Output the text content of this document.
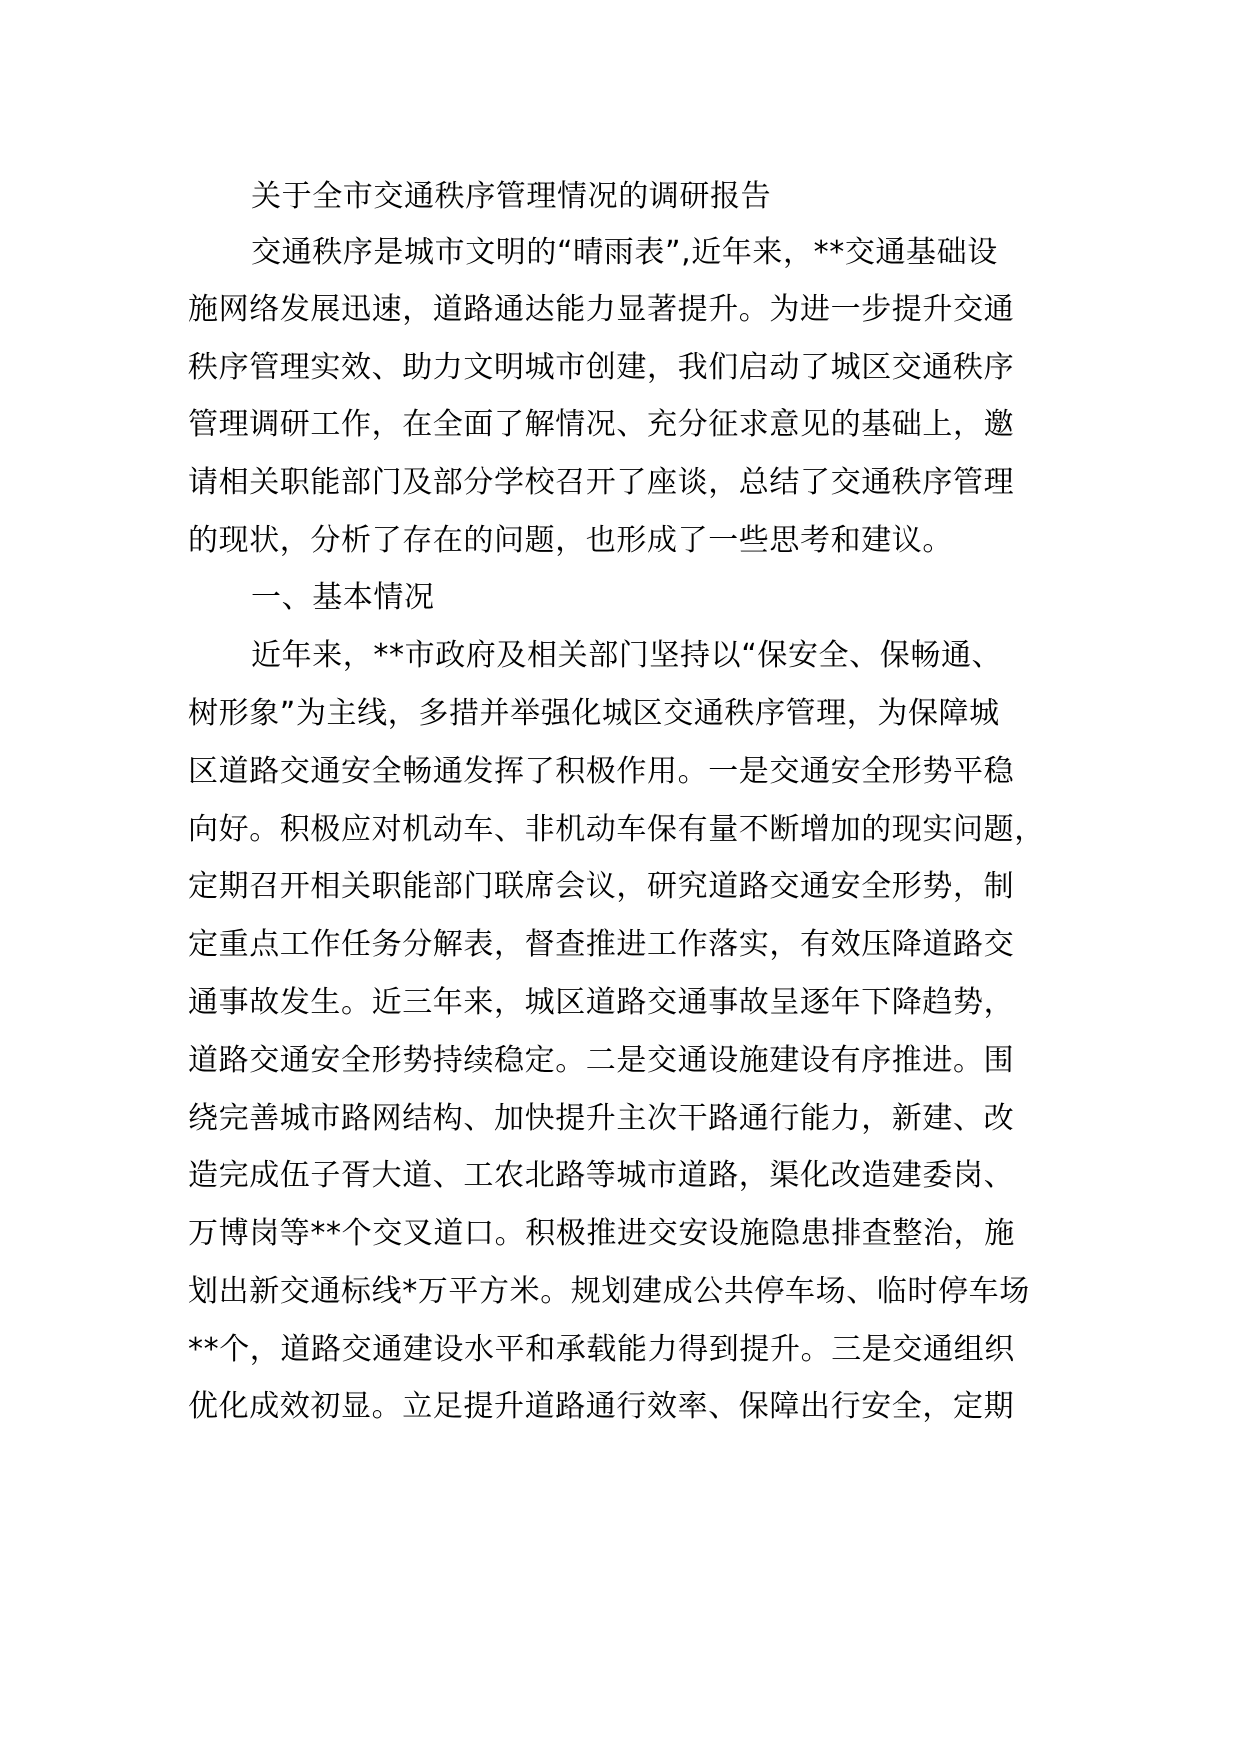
关于全市交通秩序管理情况的调研报告
交通秩序是城市文明的“晴雨表”,近年来，**交通基础设
施网络发展迅速，道路通达能力显著提升。为进一步提升交通
秩序管理实效、助力文明城市创建，我们启动了城区交通秩序
管理调研工作，在全面了解情况、充分征求意见的基础上，邀
请相关职能部门及部分学校召开了座谈，总结了交通秩序管理
的现状，分析了存在的问题，也形成了一些思考和建议。
一、基本情况
近年来，**市政府及相关部门坚持以“保安全、保畅通、
树形象”为主线，多措并举强化城区交通秩序管理，为保障城
区道路交通安全畅通发挥了积极作用。一是交通安全形势平稳
向好。积极应对机动车、非机动车保有量不断增加的现实问题，
定期召开相关职能部门联席会议，研究道路交通安全形势，制
定重点工作任务分解表，督查推进工作落实，有效压降道路交
通事故发生。近三年来，城区道路交通事故呈逐年下降趋势，
道路交通安全形势持续稳定。二是交通设施建设有序推进。围
绕完善城市路网结构、加快提升主次干路通行能力，新建、改
造完成伍子胥大道、工农北路等城市道路，渠化改造建委岗、
万博岗等**个交叉道口。积极推进交安设施隐患排查整治，施
划出新交通标线*万平方米。规划建成公共停车场、临时停车场
**个，道路交通建设水平和承载能力得到提升。三是交通组织
优化成效初显。立足提升道路通行效率、保障出行安全，定期
